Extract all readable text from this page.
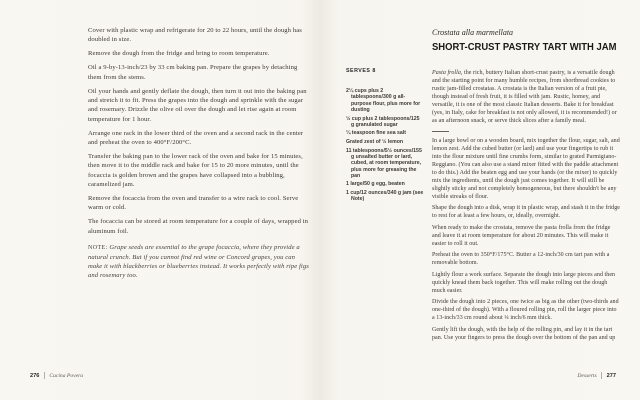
Cover with plastic wrap and refrigerate for 20 to 22 hours, until the dough has doubled in size.

Remove the dough from the fridge and bring to room temperature.

Oil a 9-by-13-inch/23 by 33 cm baking pan. Prepare the grapes by detaching them from the stems.

Oil your hands and gently deflate the dough, then turn it out into the baking pan and stretch it to fit. Press the grapes into the dough and sprinkle with the sugar and rosemary. Drizzle the olive oil over the dough and let rise again at room temperature for 1 hour.

Arrange one rack in the lower third of the oven and a second rack in the center and preheat the oven to 400°F/200°C.

Transfer the baking pan to the lower rack of the oven and bake for 15 minutes, then move it to the middle rack and bake for 15 to 20 more minutes, until the focaccia is golden brown and the grapes have collapsed into a bubbling, caramelized jam.

Remove the focaccia from the oven and transfer to a wire rack to cool. Serve warm or cold.

The focaccia can be stored at room temperature for a couple of days, wrapped in aluminum foil.

NOTE: Grape seeds are essential to the grape focaccia, where they provide a natural crunch. But if you cannot find red wine or Concord grapes, you can make it with blackberries or blueberries instead. It works perfectly with ripe figs and rosemary too.

Crostata alla marmellata

SHORT-CRUST PASTRY TART WITH JAM

SERVES 8

2¼ cups plus 2 tablespoons/300 g all-purpose flour, plus more for dusting

½ cup plus 2 tablespoons/125 g granulated sugar

¼ teaspoon fine sea salt

Grated zest of ½ lemon

11 tablespoons/5½ ounces/155 g unsalted butter or lard, cubed, at room temperature, plus more for greasing the pan

1 large/50 g egg, beaten

1 cup/12 ounces/340 g jam (see Note)

Pasta frolla, the rich, buttery Italian short-crust pastry, is a versatile dough and the starting point for many humble recipes, from shortbread cookies to rustic jam-filled crostatas. A crostata is the Italian version of a fruit pie, though instead of fresh fruit, it is filled with jam. Rustic, homey, and versatile, it is one of the most classic Italian desserts. Bake it for breakfast (yes, in Italy, cake for breakfast is not only allowed, it is recommended!) or as an afternoon snack, or serve thick slices after a family meal.

In a large bowl or on a wooden board, mix together the flour, sugar, salt, and lemon zest. Add the cubed butter (or lard) and use your fingertips to rub it into the flour mixture until fine crumbs form, similar to grated Parmigiano-Reggiano. (You can also use a stand mixer fitted with the paddle attachment to do this.) Add the beaten egg and use your hands (or the mixer) to quickly mix the ingredients, until the dough just comes together. It will still be slightly sticky and not completely homogeneous, but there shouldn't be any visible streaks of flour.

Shape the dough into a disk, wrap it in plastic wrap, and stash it in the fridge to rest for at least a few hours, or, ideally, overnight.

When ready to make the crostata, remove the pasta frolla from the fridge and leave it at room temperature for about 20 minutes. This will make it easier to roll it out.

Preheat the oven to 350°F/175°C. Butter a 12-inch/30 cm tart pan with a removable bottom.

Lightly flour a work surface. Separate the dough into large pieces and then quickly knead them back together. This will make rolling out the dough much easier.

Divide the dough into 2 pieces, one twice as big as the other (two-thirds and one-third of the dough). With a floured rolling pin, roll the larger piece into a 13-inch/33 cm round about ¼ inch/6 mm thick.

Gently lift the dough, with the help of the rolling pin, and lay it in the tart pan. Use your fingers to press the dough over the bottom of the pan and up

276 Cucina Povera	Desserts 277
